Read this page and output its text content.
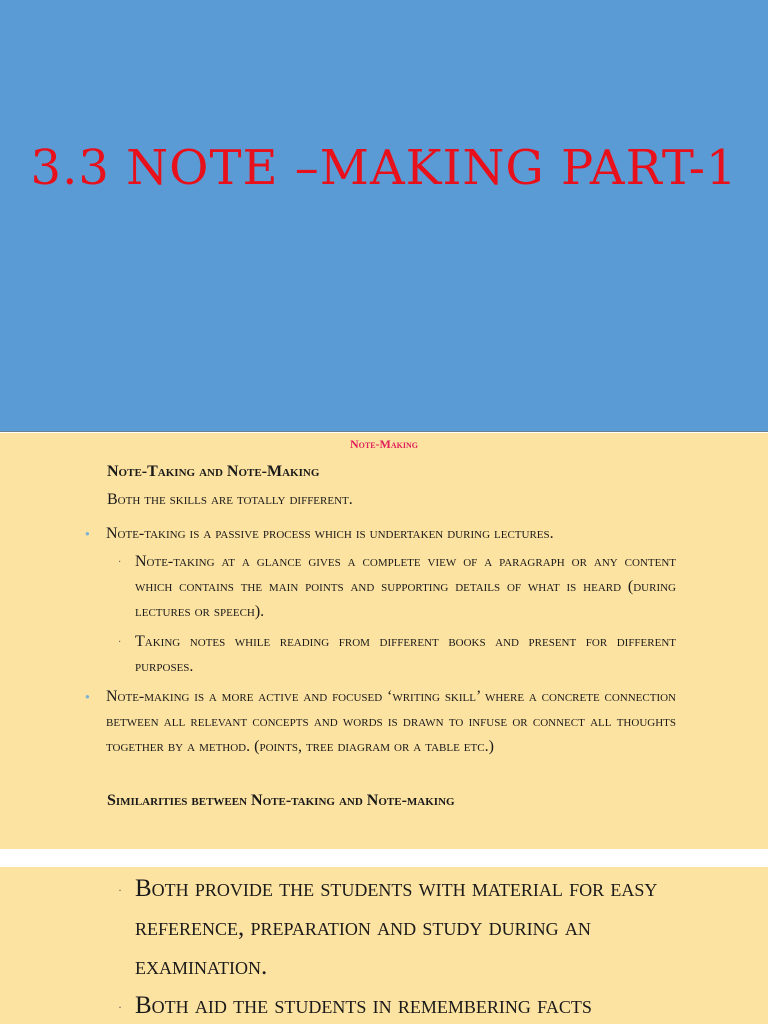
3.3 NOTE –MAKING PART-1
Note-Making
Note-Taking and Note-Making
Both the skills are totally different.
●	Note-taking is a passive process which is undertaken during lectures.
· Note-taking at a glance gives a complete view of a paragraph or any content which contains the main points and supporting details of what is heard (during lectures or speech).
· Taking notes while reading from different books and present for different purposes.
●	Note-making is a more active and focused ‘writing skill’ where a concrete connection between all relevant concepts and words is drawn to infuse or connect all thoughts together by a method. (points, tree diagram or a table etc.)
Similarities between Note-taking and Note-making
· Both provide the students with material for easy reference, preparation and study during an examination.
· Both aid the students in remembering facts
